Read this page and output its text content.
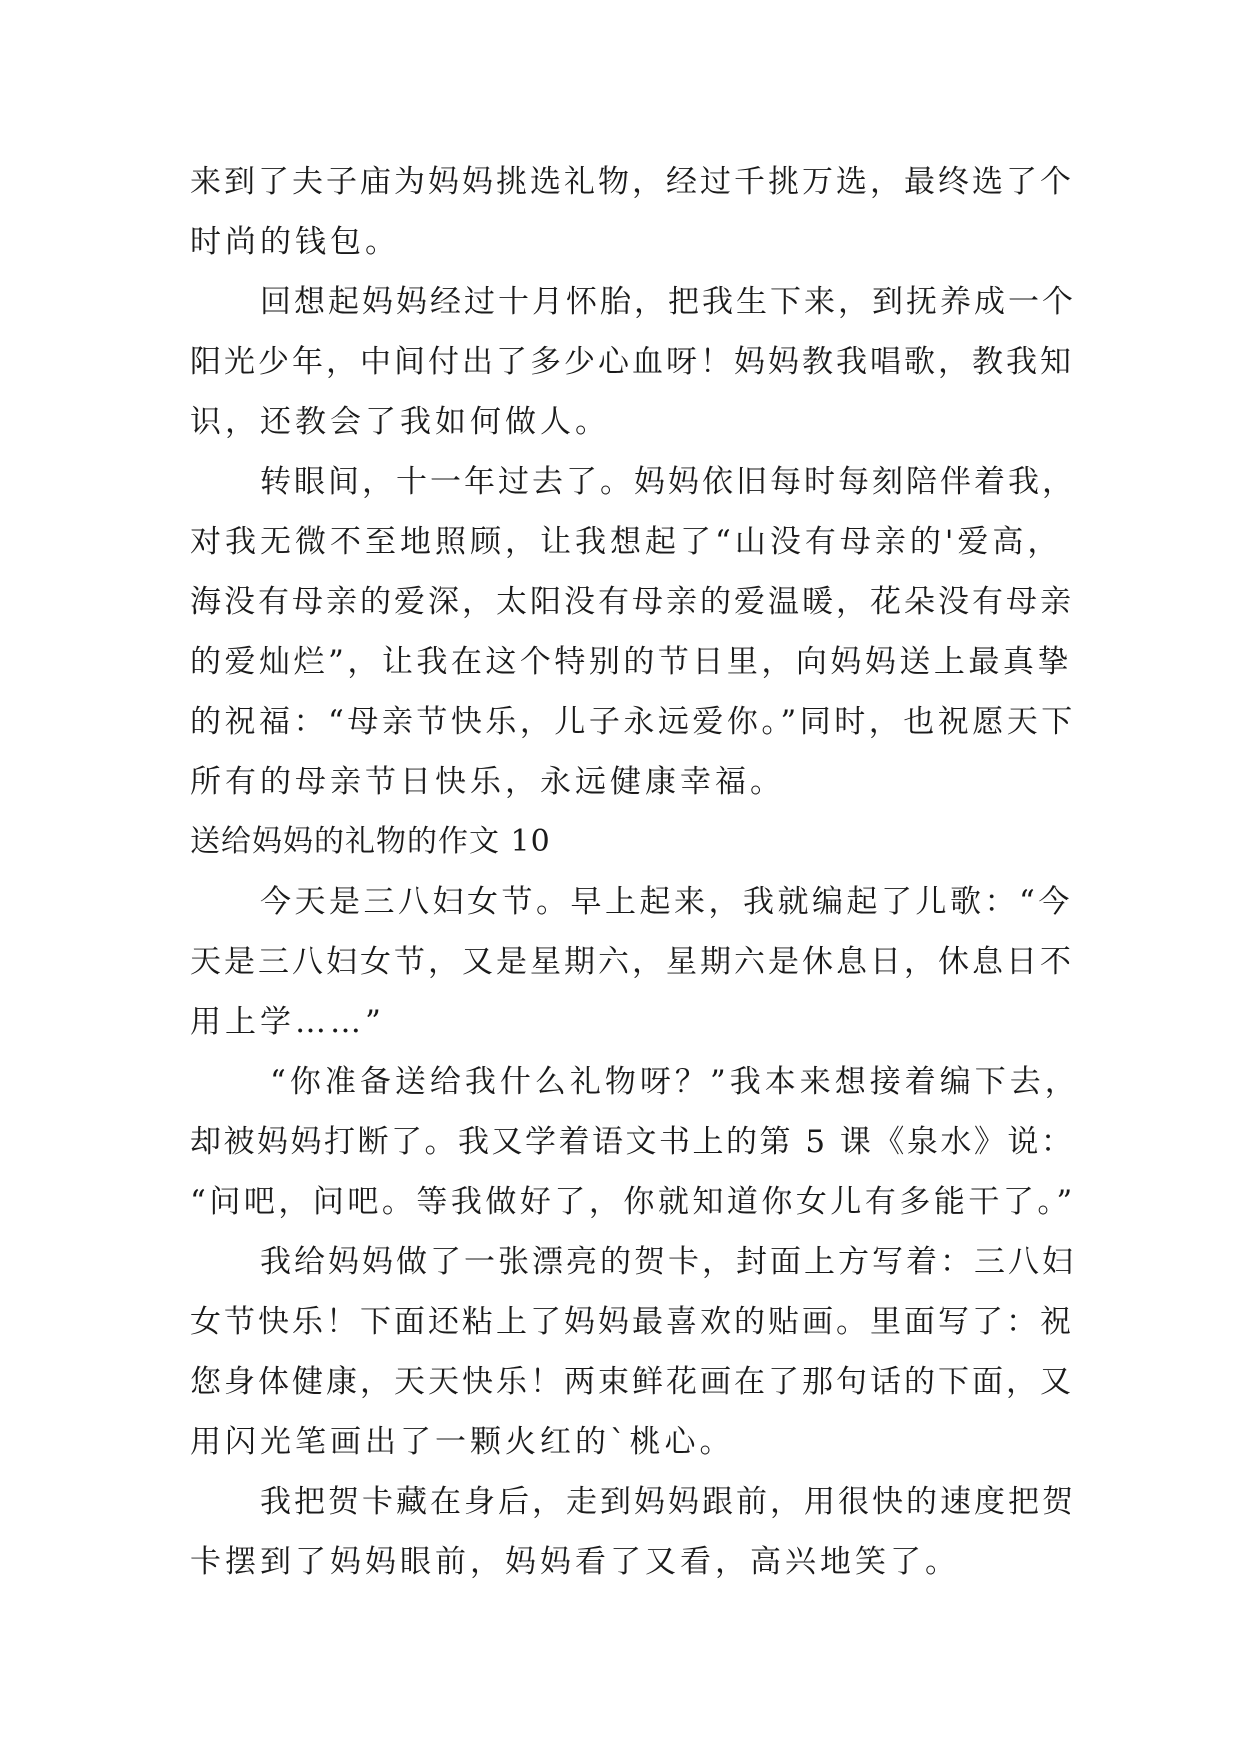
来到了夫子庙为妈妈挑选礼物，经过千挑万选，最终选了个
时尚的钱包。
回想起妈妈经过十月怀胎，把我生下来，到抚养成一个
阳光少年，中间付出了多少心血呀！妈妈教我唱歌，教我知
识，还教会了我如何做人。
转眼间，十一年过去了。妈妈依旧每时每刻陪伴着我，
对我无微不至地照顾，让我想起了“山没有母亲的'爱高，
海没有母亲的爱深，太阳没有母亲的爱温暖，花朵没有母亲
的爱灿烂”，让我在这个特别的节日里，向妈妈送上最真挚
的祝福：“母亲节快乐，儿子永远爱你。”同时，也祝愿天下
所有的母亲节日快乐，永远健康幸福。
送给妈妈的礼物的作文 10
今天是三八妇女节。早上起来，我就编起了儿歌：“今
天是三八妇女节，又是星期六，星期六是休息日，休息日不
用上学……”
“你准备送给我什么礼物呀？”我本来想接着编下去，
却被妈妈打断了。我又学着语文书上的第 5 课《泉水》说：
“问吧，问吧。等我做好了，你就知道你女儿有多能干了。”
我给妈妈做了一张漂亮的贺卡，封面上方写着：三八妇
女节快乐！下面还粘上了妈妈最喜欢的贴画。里面写了：祝
您身体健康，天天快乐！两束鲜花画在了那句话的下面，又
用闪光笔画出了一颗火红的`桃心。
我把贺卡藏在身后，走到妈妈跟前，用很快的速度把贺
卡摆到了妈妈眼前，妈妈看了又看，高兴地笑了。
